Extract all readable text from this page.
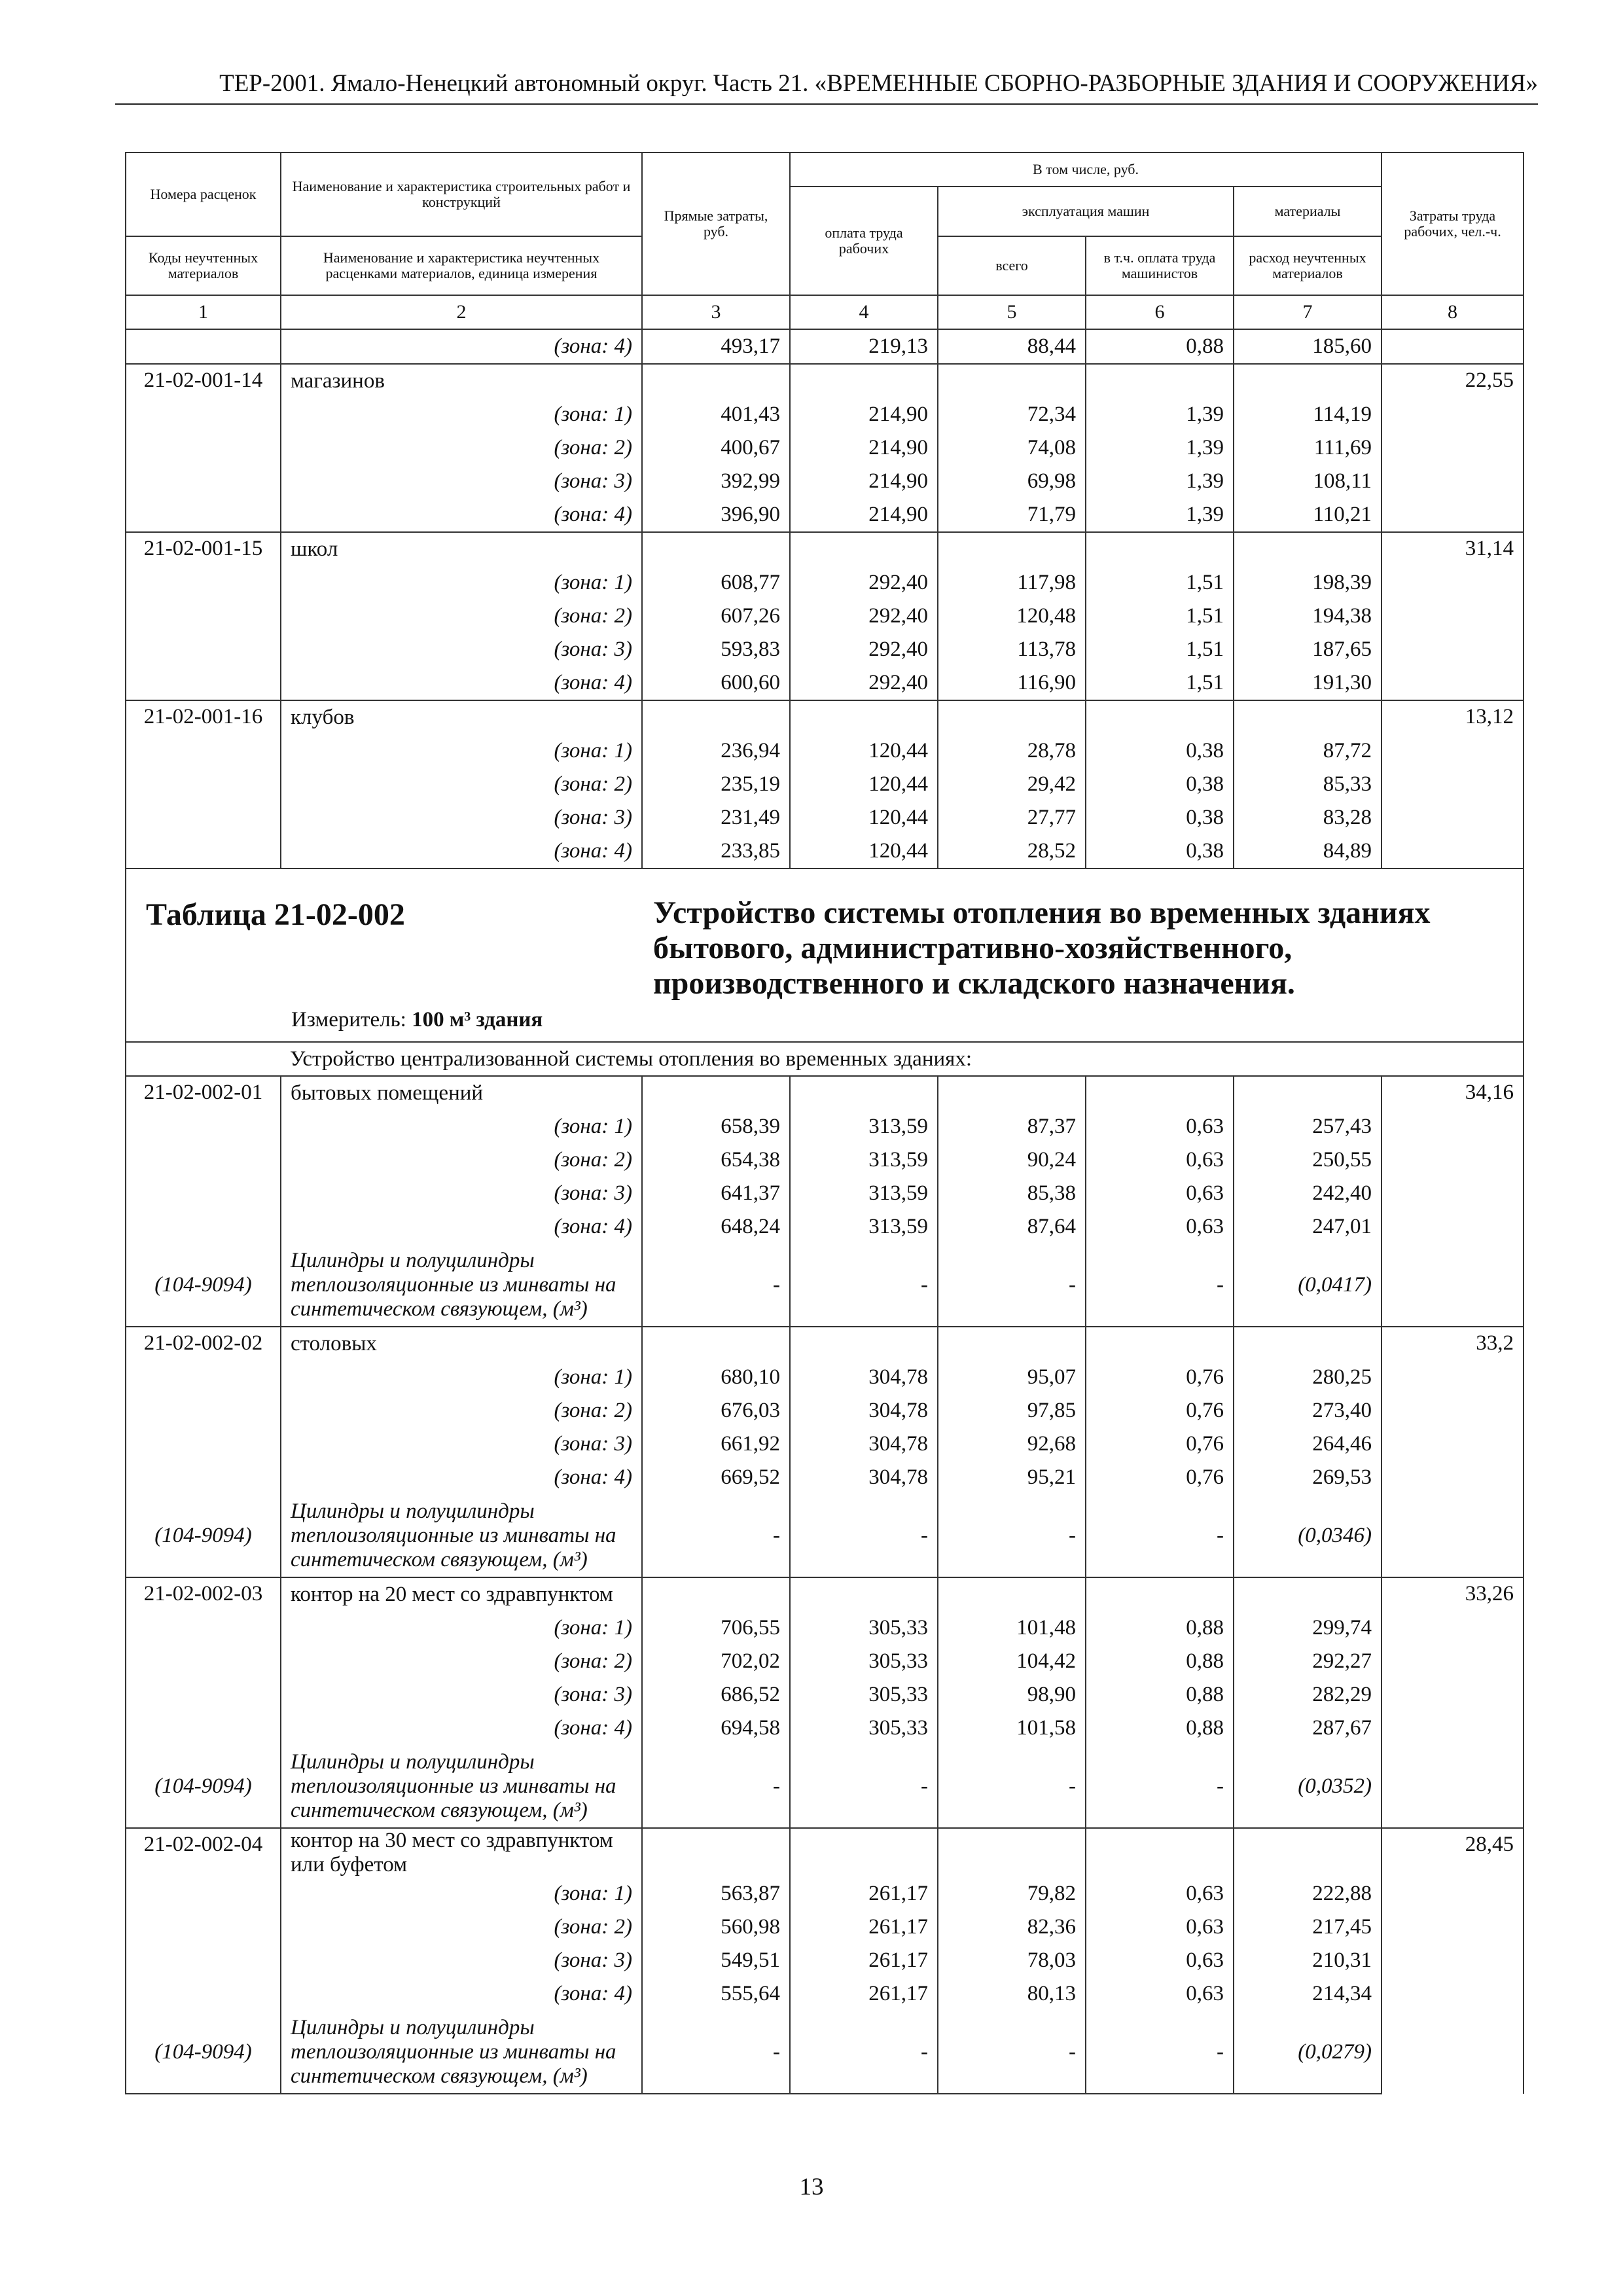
ТЕР-2001. Ямало-Ненецкий автономный округ. Часть 21. «ВРЕМЕННЫЕ СБОРНО-РАЗБОРНЫЕ ЗДАНИЯ И СООРУЖЕНИЯ»
Номера расценок	Наименование и характеристика строительных работ и конструкций	Прямые затраты, руб.	В том числе, руб.				Затраты труда рабочих, чел.-ч.
			оплата труда рабочих	эксплуатация машин		материалы	
Коды неучтенных материалов	Наименование и характеристика неучтенных расценками материалов, единица измерения			всего	в т.ч. оплата труда машинистов	расход неучтенных материалов	
1	2	3	4	5	6	7	8
	(зона: 4)	493,17	219,13	88,44	0,88	185,60	
21-02-001-14	магазинов						22,55
	(зона: 1)	401,43	214,90	72,34	1,39	114,19	
	(зона: 2)	400,67	214,90	74,08	1,39	111,69	
	(зона: 3)	392,99	214,90	69,98	1,39	108,11	
	(зона: 4)	396,90	214,90	71,79	1,39	110,21	
21-02-001-15	школ						31,14
	(зона: 1)	608,77	292,40	117,98	1,51	198,39	
	(зона: 2)	607,26	292,40	120,48	1,51	194,38	
	(зона: 3)	593,83	292,40	113,78	1,51	187,65	
	(зона: 4)	600,60	292,40	116,90	1,51	191,30	
21-02-001-16	клубов						13,12
	(зона: 1)	236,94	120,44	28,78	0,38	87,72	
	(зона: 2)	235,19	120,44	29,42	0,38	85,33	
	(зона: 3)	231,49	120,44	27,77	0,38	83,28	
	(зона: 4)	233,85	120,44	28,52	0,38	84,89	

Таблица 21-02-002 Устройство системы отопления во временных зданиях бытового, административно-хозяйственного, производственного и складского назначения.
Измеритель: 100 м³ здания							

	Устройство централизованной системы отопления во временных зданиях:						
21-02-002-01	бытовых помещений						34,16
	(зона: 1)	658,39	313,59	87,37	0,63	257,43	
	(зона: 2)	654,38	313,59	90,24	0,63	250,55	
	(зона: 3)	641,37	313,59	85,38	0,63	242,40	
	(зона: 4)	648,24	313,59	87,64	0,63	247,01	
(104-9094)	Цилиндры и полуцилиндры теплоизоляционные из минваты на синтетическом связующем, (м³)	-	-	-	-	(0,0417)	
21-02-002-02	столовых						33,2
	(зона: 1)	680,10	304,78	95,07	0,76	280,25	
	(зона: 2)	676,03	304,78	97,85	0,76	273,40	
	(зона: 3)	661,92	304,78	92,68	0,76	264,46	
	(зона: 4)	669,52	304,78	95,21	0,76	269,53	
(104-9094)	Цилиндры и полуцилиндры теплоизоляционные из минваты на синтетическом связующем, (м³)	-	-	-	-	(0,0346)	
21-02-002-03	контор на 20 мест со здравпунктом						33,26
	(зона: 1)	706,55	305,33	101,48	0,88	299,74	
	(зона: 2)	702,02	305,33	104,42	0,88	292,27	
	(зона: 3)	686,52	305,33	98,90	0,88	282,29	
	(зона: 4)	694,58	305,33	101,58	0,88	287,67	
(104-9094)	Цилиндры и полуцилиндры теплоизоляционные из минваты на синтетическом связующем, (м³)	-	-	-	-	(0,0352)	
21-02-002-04	контор на 30 мест со здравпунктом или буфетом						28,45
	(зона: 1)	563,87	261,17	79,82	0,63	222,88	
	(зона: 2)	560,98	261,17	82,36	0,63	217,45	
	(зона: 3)	549,51	261,17	78,03	0,63	210,31	
	(зона: 4)	555,64	261,17	80,13	0,63	214,34	
(104-9094)	Цилиндры и полуцилиндры теплоизоляционные из минваты на синтетическом связующем, (м³)	-	-	-	-	(0,0279)	
13
